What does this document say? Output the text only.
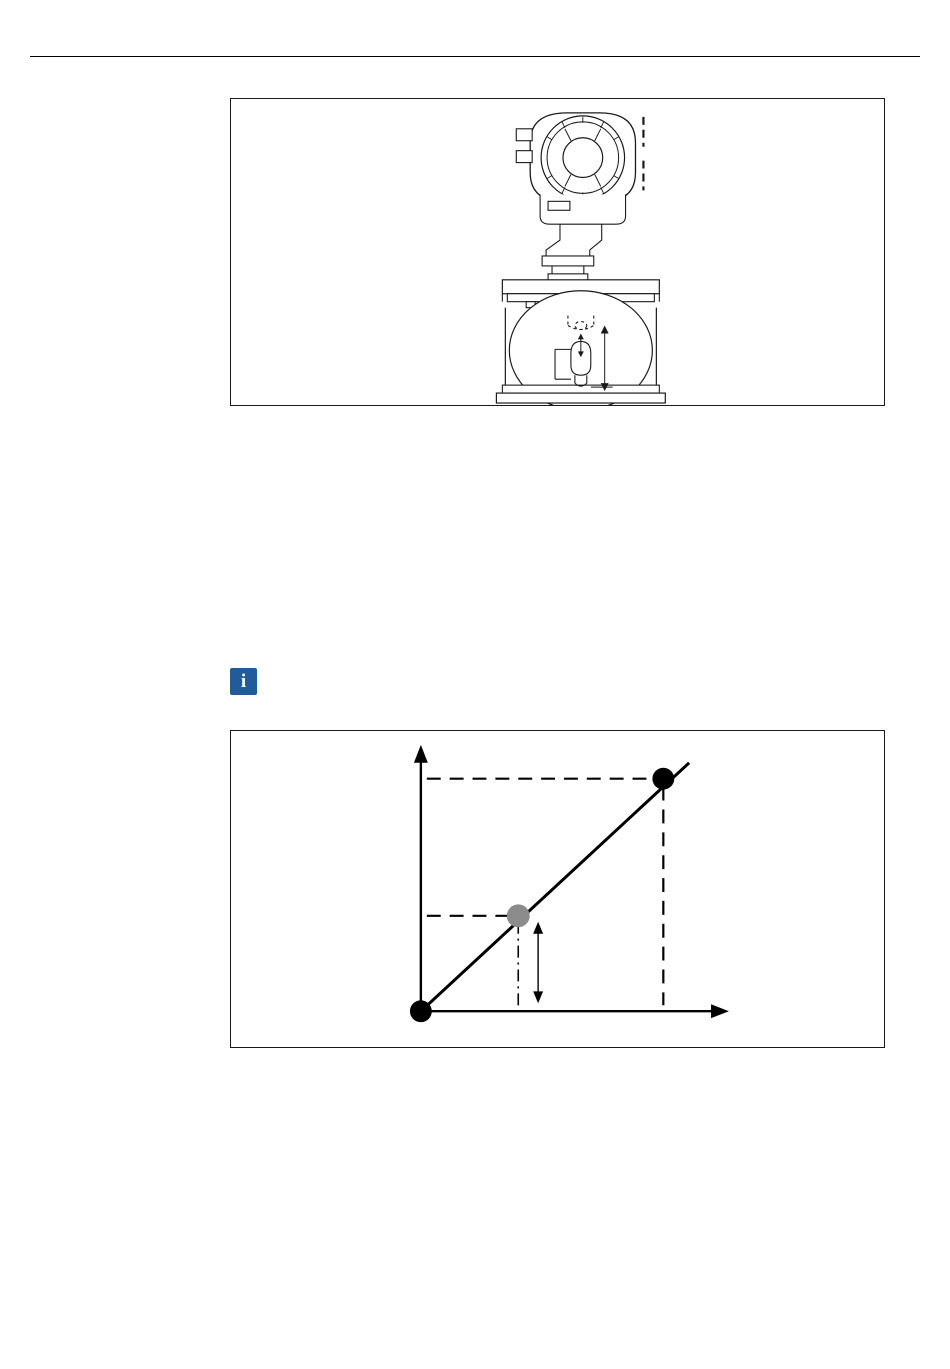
i
